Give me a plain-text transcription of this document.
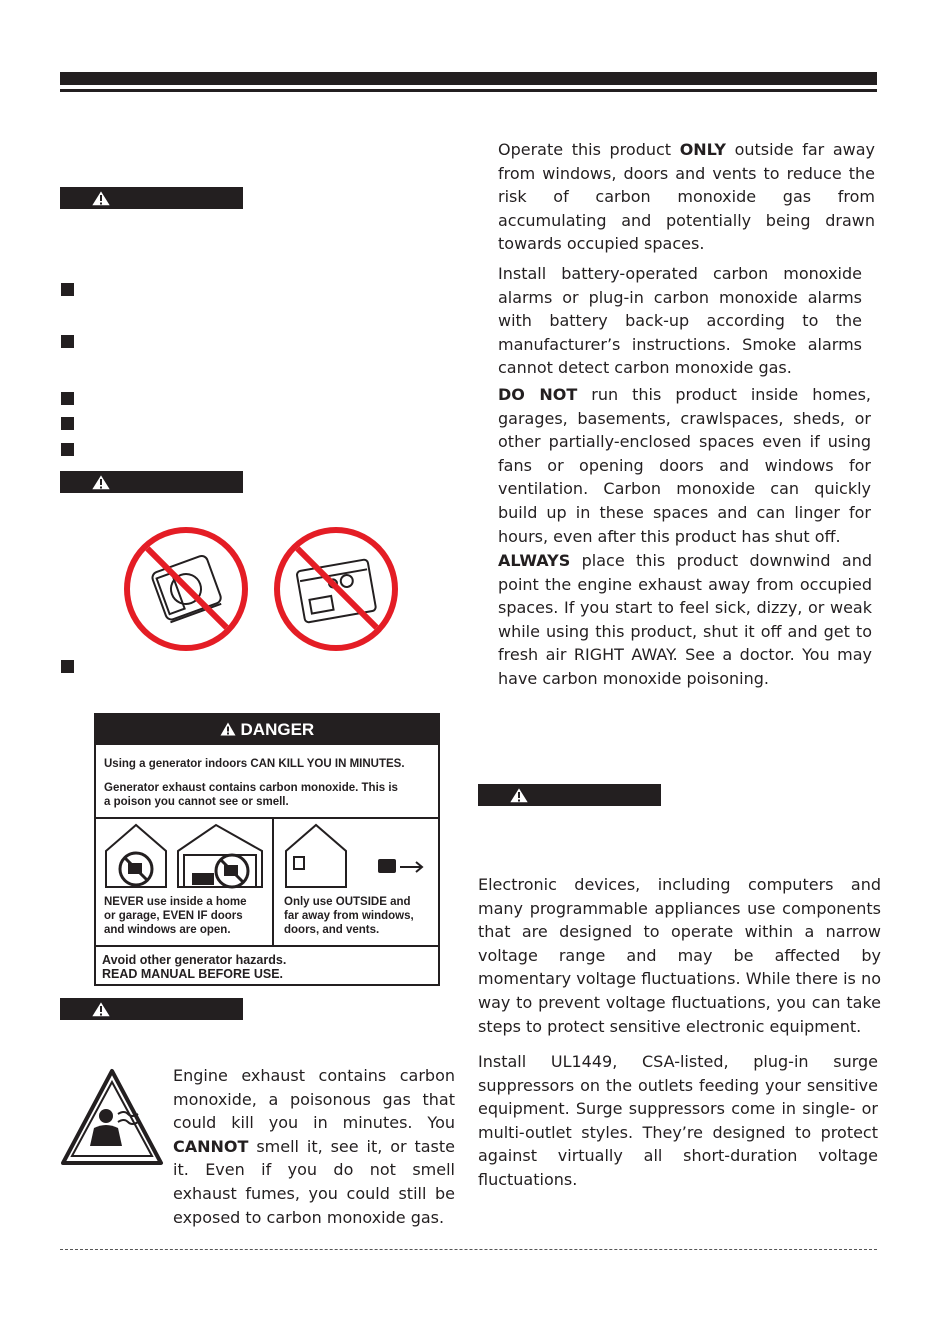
DANGER
Using a generator indoors CAN KILL YOU IN MINUTES.
Generator exhaust contains carbon monoxide. This is
a poison you cannot see or smell.
NEVER use inside a home
or garage, EVEN IF doors
and windows are open.
Only use OUTSIDE and
far away from windows,
doors, and vents.
Avoid other generator hazards.
READ MANUAL BEFORE USE.
Engine exhaust contains carbon monoxide, a poisonous gas that could kill you in minutes. You CANNOT smell it, see it, or taste it. Even if you do not smell exhaust fumes, you could still be exposed to carbon monoxide gas.
Operate this product ONLY outside far away from windows, doors and vents to reduce the risk of carbon monoxide gas from accumulating and potentially being drawn towards occupied spaces.
Install battery-operated carbon monoxide alarms or plug-in carbon monoxide alarms with battery back-up according to the manufacturer’s instructions. Smoke alarms cannot detect carbon monoxide gas.
DO NOT run this product inside homes, garages, basements, crawlspaces, sheds, or other partially-enclosed spaces even if using fans or opening doors and windows for ventilation. Carbon monoxide can quickly build up in these spaces and can linger for hours, even after this product has shut off.
ALWAYS place this product downwind and point the engine exhaust away from occupied spaces. If you start to feel sick, dizzy, or weak while using this product, shut it off and get to fresh air RIGHT AWAY. See a doctor. You may have carbon monoxide poisoning.
Electronic devices, including computers and many programmable appliances use components that are designed to operate within a narrow voltage range and may be affected by momentary voltage fluctuations. While there is no way to prevent voltage fluctuations, you can take steps to protect sensitive electronic equipment.
Install UL1449, CSA-listed, plug-in surge suppressors on the outlets feeding your sensitive equipment. Surge suppressors come in single- or multi-outlet styles. They’re designed to protect against virtually all short-duration voltage fluctuations.
